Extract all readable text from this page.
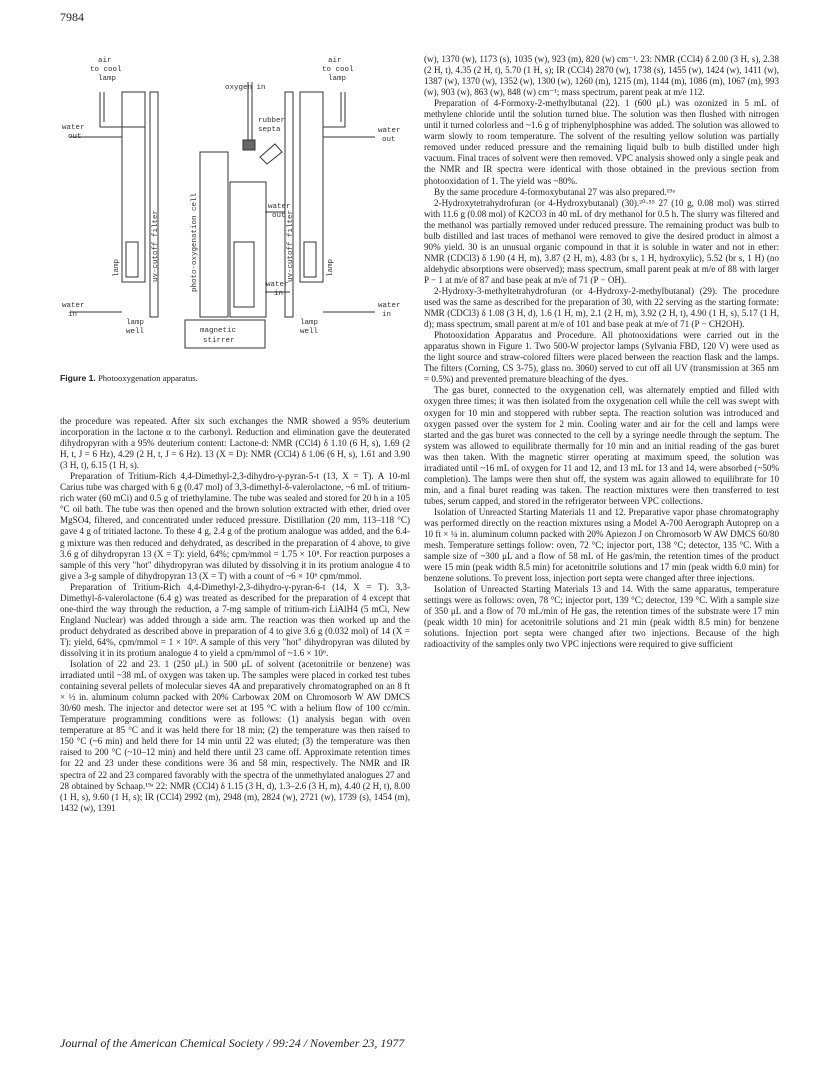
7984
air
to cool
lamp
air
to cool
lamp
oxygen in
rubber
septa
water
out
water
out
water
out
water
in
water
in
water
in
lamp
well
lamp
well
magnetic
stirrer
uv-cutoff filter	uv-cutoff filter
photo-oxygenation cell
lamp	lamp
Figure 1. Photooxygenation apparatus.

the procedure was repeated. After six such exchanges the NMR showed a 95% deuterium incorporation in the lactone α to the carbonyl. Reduction and elimination gave the deuterated dihydropyran with a 95% deuterium content: Lactone-d: NMR (CCl4) δ 1.10 (6 H, s), 1.69 (2 H, t, J = 6 Hz), 4.29 (2 H, t, J = 6 Hz). 13 (X = D): NMR (CCl4) δ 1.06 (6 H, s), 1.61 and 3.90 (3 H, t), 6.15 (1 H, s).

Preparation of Tritium-Rich 4,4-Dimethyl-2,3-dihydro-γ-pyran-5-t (13, X = T). A 10-ml Carius tube was charged with 6 g (0.47 mol) of 3,3-dimethyl-δ-valerolactone, ~6 mL of tritium-rich water (60 mCi) and 0.5 g of triethylamine. The tube was sealed and stored for 20 h in a 105 °C oil bath. The tube was then opened and the brown solution extracted with ether, dried over MgSO4, filtered, and concentrated under reduced pressure. Distillation (20 mm, 113–118 °C) gave 4 g of tritiated lactone. To these 4 g, 2.4 g of the protium analogue was added, and the 6.4-g mixture was then reduced and dehydrated, as described in the preparation of 4 above, to give 3.6 g of dihydropyran 13 (X = T): yield, 64%; cpm/mmol = 1.75 × 10⁸. For reaction purposes a sample of this very "hot" dihydropyran was diluted by dissolving it in its protium analogue 4 to give a 3-g sample of dihydropyran 13 (X = T) with a count of ~6 × 10⁶ cpm/mmol.

Preparation of Tritium-Rich 4,4-Dimethyl-2,3-dihydro-γ-pyran-6-t (14, X = T). 3,3-Dimethyl-δ-valerolactone (6.4 g) was treated as described for the preparation of 4 except that one-third the way through the reduction, a 7-mg sample of tritium-rich LiAlH4 (5 mCi, New England Nuclear) was added through a side arm. The reaction was then worked up and the product dehydrated as described above in preparation of 4 to give 3.6 g (0.032 mol) of 14 (X = T): yield, 64%, cpm/mmol = 1 × 10⁹. A sample of this very "hot" dihydropyran was diluted by dissolving it in its protium analogue 4 to yield a cpm/mmol of ~1.6 × 10⁶.

Isolation of 22 and 23. 1 (250 μL) in 500 μL of solvent (acetonitrile or benzene) was irradiated until ~38 mL of oxygen was taken up. The samples were placed in corked test tubes containing several pellets of molecular sieves 4A and preparatively chromatographed on an 8 ft × ½ in. aluminum column packed with 20% Carbowax 20M on Chromosorb W AW DMCS 30/60 mesh. The injector and detector were set at 195 °C with a helium flow of 100 cc/min. Temperature programming conditions were as follows: (1) analysis began with oven temperature at 85 °C and it was held there for 18 min; (2) the temperature was then raised to 150 °C (~6 min) and held there for 14 min until 22 was eluted; (3) the temperature was then raised to 200 °C (~10–12 min) and held there until 23 came off. Approximate retention times for 22 and 23 under these conditions were 36 and 58 min, respectively. The NMR and IR spectra of 22 and 23 compared favorably with the spectra of the unmethylated analogues 27 and 28 obtained by Schaap.¹⁹ᵃ 22: NMR (CCl4) δ 1.15 (3 H, d), 1.3–2.6 (3 H, m), 4.40 (2 H, t), 8.00 (1 H, s), 9.60 (1 H, s); IR (CCl4) 2992 (m), 2948 (m), 2824 (w), 2721 (w), 1739 (s), 1454 (m), 1432 (w), 1391

(w), 1370 (w), 1173 (s), 1035 (w), 923 (m), 820 (w) cm⁻¹. 23: NMR (CCl4) δ 2.00 (3 H, s), 2.38 (2 H, t), 4.35 (2 H, t), 5.70 (1 H, s); IR (CCl4) 2870 (w), 1738 (s), 1455 (w), 1424 (w), 1411 (w), 1387 (w), 1370 (w), 1352 (w), 1300 (w), 1260 (m), 1215 (m), 1144 (m), 1086 (m), 1067 (m), 993 (w), 903 (w), 863 (w), 848 (w) cm⁻¹; mass spectrum, parent peak at m/e 112.

Preparation of 4-Formoxy-2-methylbutanal (22). 1 (600 μL) was ozonized in 5 mL of methylene chloride until the solution turned blue. The solution was then flushed with nitrogen until it turned colorless and ~1.6 g of triphenylphosphine was added. The solution was allowed to warm slowly to room temperature. The solvent of the resulting yellow solution was partially removed under reduced pressure and the remaining liquid bulb to bulb distilled under high vacuum. Final traces of solvent were then removed. VPC analysis showed only a single peak and the NMR and IR spectra were identical with those obtained in the previous section from photooxidation of 1. The yield was ~80%.

By the same procedure 4-formoxybutanal 27 was also prepared.¹⁹ᵃ

2-Hydroxytetrahydrofuran (or 4-Hydroxybutanal) (30).²⁰·⁵⁵ 27 (10 g, 0.08 mol) was stirred with 11.6 g (0.08 mol) of K2CO3 in 40 mL of dry methanol for 0.5 h. The slurry was filtered and the methanol was partially removed under reduced pressure. The remaining product was bulb to bulb distilled and last traces of methanol were removed to give the desired product in almost a 90% yield. 30 is an unusual organic compound in that it is soluble in water and not in ether: NMR (CDCl3) δ 1.90 (4 H, m), 3.87 (2 H, m), 4.83 (br s, 1 H, hydroxylic), 5.52 (br s, 1 H) (no aldehydic absorptions were observed); mass spectrum, small parent peak at m/e of 88 with larger P − 1 at m/e of 87 and base peak at m/e of 71 (P − OH).

2-Hydroxy-3-methyltetrahydrofuran (or 4-Hydroxy-2-methylbutanal) (29). The procedure used was the same as described for the preparation of 30, with 22 serving as the starting formate: NMR (CDCl3) δ 1.08 (3 H, d), 1.6 (1 H, m), 2.1 (2 H, m), 3.92 (2 H, t), 4.90 (1 H, s), 5.17 (1 H, d); mass spectrum, small parent at m/e of 101 and base peak at m/e of 71 (P − CH2OH).

Photooxidation Apparatus and Procedure. All photooxidations were carried out in the apparatus shown in Figure 1. Two 500-W projector lamps (Sylvania FBD, 120 V) were used as the light source and straw-colored filters were placed between the reaction flask and the lamps. The filters (Corning, CS 3-75), glass no. 3060) served to cut off all UV (transmission at 365 nm = 0.5%) and prevented premature bleaching of the dyes.

The gas buret, connected to the oxygenation cell, was alternately emptied and filled with oxygen three times; it was then isolated from the oxygenation cell while the cell was swept with oxygen for 10 min and stoppered with rubber septa. The reaction solution was introduced and oxygen passed over the system for 2 min. Cooling water and air for the cell and lamps were started and the gas buret was connected to the cell by a syringe needle through the septum. The system was allowed to equilibrate thermally for 10 min and an initial reading of the gas buret was then taken. With the magnetic stirrer operating at maximum speed, the solution was irradiated until ~16 mL of oxygen for 11 and 12, and 13 mL for 13 and 14, were absorbed (~50% completion). The lamps were then shut off, the system was again allowed to equilibrate for 10 min, and a final buret reading was taken. The reaction mixtures were then transferred to test tubes, serum capped, and stored in the refrigerator between VPC collections.

Isolation of Unreacted Starting Materials 11 and 12. Preparative vapor phase chromatography was performed directly on the reaction mixtures using a Model A-700 Aerograph Autoprep on a 10 ft × ¼ in. aluminum column packed with 20% Apiezon J on Chromosorb W AW DMCS 60/80 mesh. Temperature settings follow: oven, 72 °C; injector port, 138 °C; detector, 135 °C. With a sample size of ~300 μL and a flow of 58 mL of He gas/min, the retention times of the product were 15 min (peak width 8.5 min) for acetonitrile solutions and 17 min (peak width 6.0 min) for benzene solutions. To prevent loss, injection port septa were changed after three injections.

Isolation of Unreacted Starting Materials 13 and 14. With the same apparatus, temperature settings were as follows: oven, 78 °C; injector port, 139 °C; detector, 139 °C. With a sample size of 350 μL and a flow of 70 mL/min of He gas, the retention times of the substrate were 17 min (peak width 10 min) for acetonitrile solutions and 21 min (peak width 8.5 min) for benzene solutions. Injection port septa were changed after two injections. Because of the high radioactivity of the samples only two VPC injections were required to give sufficient

Journal of the American Chemical Society / 99:24 / November 23, 1977
